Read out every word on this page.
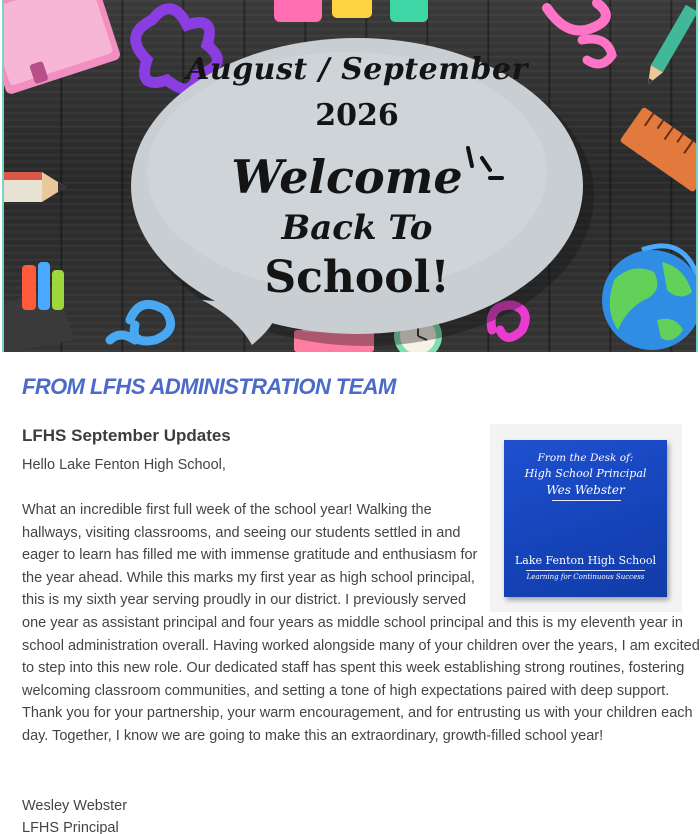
August / September
2026
Welcome
Back To
School!
FROM LFHS ADMINISTRATION TEAM
LFHS September Updates
Hello Lake Fenton High School,
What an incredible first full week of the school year! Walking the hallways, visiting classrooms, and seeing our students settled in and eager to learn has filled me with immense gratitude and enthusiasm for the year ahead. While this marks my first year as high school principal, this is my sixth year serving proudly in our district. I previously served one year as assistant principal and four years as middle school principal and this is my eleventh year in school administration overall. Having worked alongside many of your children over the years, I am excited to step into this new role. Our dedicated staff has spent this week establishing strong routines, fostering welcoming classroom communities, and setting a tone of high expectations paired with deep support. Thank you for your partnership, your warm encouragement, and for entrusting us with your children each day. Together, I know we are going to make this an extraordinary, growth-filled school year!
Wesley Webster
LFHS Principal
From the Desk of:
High School Principal
Wes Webster
Lake Fenton High School
Learning for Continuous Success
